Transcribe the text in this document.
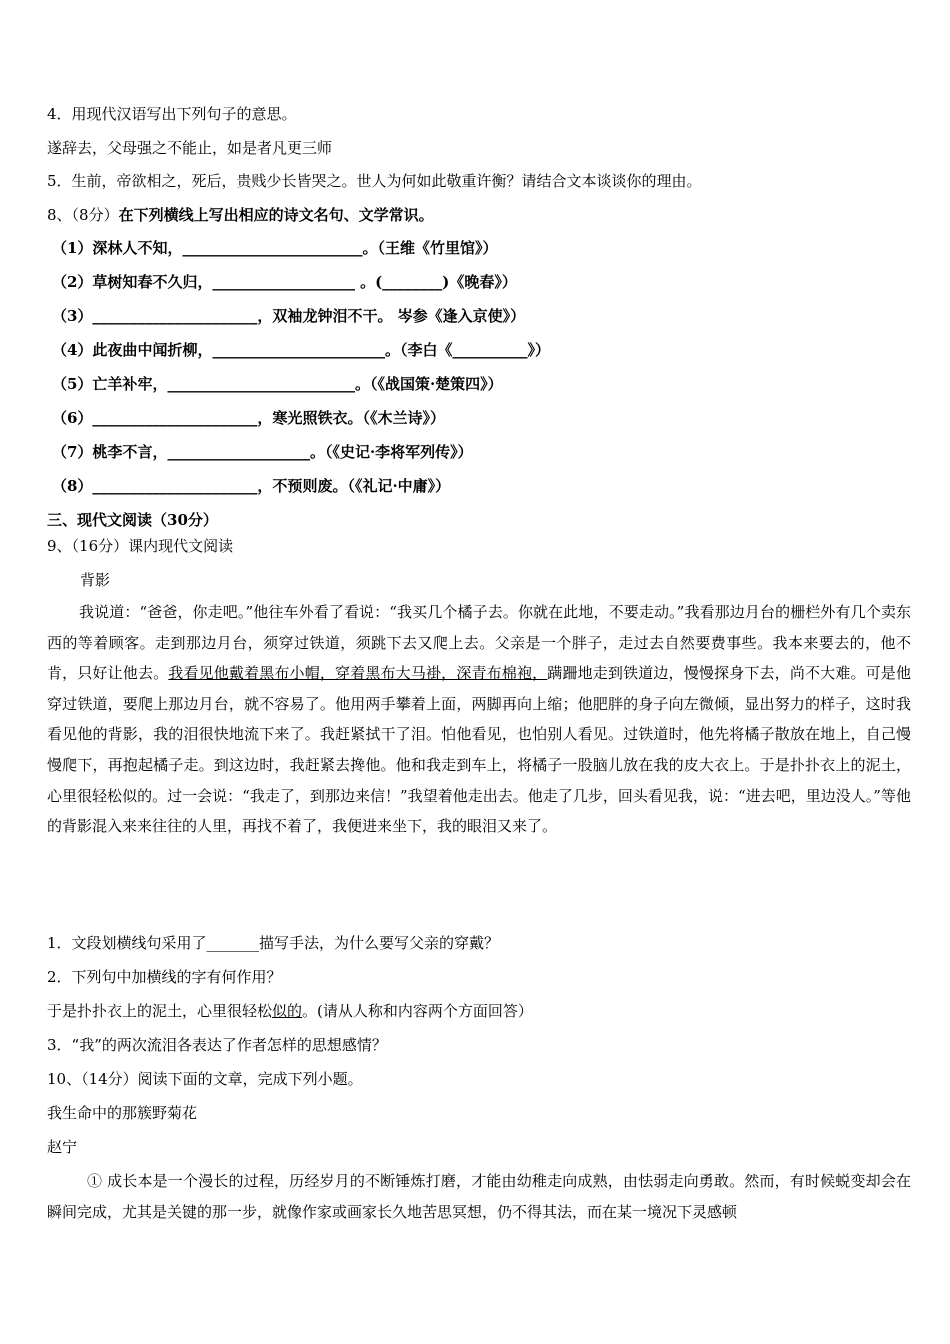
4．用现代汉语写出下列句子的意思。
遂辞去，父母强之不能止，如是者凡更三师
5．生前，帝欲相之，死后，贵贱少长皆哭之。世人为何如此敬重许衡？请结合文本谈谈你的理由。
8、（8分）在下列横线上写出相应的诗文名句、文学常识。
（1）深林人不知，________________________。（王维《竹里馆》）
（2）草树知春不久归，___________________ 。(________)《晚春》）
（3）______________________，双袖龙钟泪不干。 岑参《逢入京使》）
（4）此夜曲中闻折柳，_______________________。（李白《__________》）
（5）亡羊补牢，_________________________。（《战国策·楚策四》）
（6）______________________，寒光照铁衣。（《木兰诗》）
（7）桃李不言，___________________。（《史记·李将军列传》）
（8）______________________，不预则废。（《礼记·中庸》）
三、现代文阅读（30分）
9、（16分）课内现代文阅读
背影
我说道：“爸爸，你走吧。”他往车外看了看说：“我买几个橘子去。你就在此地，不要走动。”我看那边月台的栅栏外有几个卖东西的等着顾客。走到那边月台，须穿过铁道，须跳下去又爬上去。父亲是一个胖子，走过去自然要费事些。我本来要去的，他不肯，只好让他去。我看见他戴着黑布小帽，穿着黑布大马褂，深青布棉袍，蹒跚地走到铁道边，慢慢探身下去，尚不大难。可是他穿过铁道，要爬上那边月台，就不容易了。他用两手攀着上面，两脚再向上缩；他肥胖的身子向左微倾，显出努力的样子，这时我看见他的背影，我的泪很快地流下来了。我赶紧拭干了泪。怕他看见，也怕别人看见。过铁道时，他先将橘子散放在地上，自己慢慢爬下，再抱起橘子走。到这边时，我赶紧去搀他。他和我走到车上，将橘子一股脑儿放在我的皮大衣上。于是扑扑衣上的泥土，心里很轻松似的。过一会说：“我走了，到那边来信！”我望着他走出去。他走了几步，回头看见我，说：“进去吧，里边没人。”等他的背影混入来来往往的人里，再找不着了，我便进来坐下，我的眼泪又来了。
1．文段划横线句采用了_______描写手法，为什么要写父亲的穿戴？
2．下列句中加横线的字有何作用？
于是扑扑衣上的泥土，心里很轻松似的。(请从人称和内容两个方面回答）
3．“我”的两次流泪各表达了作者怎样的思想感情？
10、（14分）阅读下面的文章，完成下列小题。
我生命中的那簇野菊花
赵宁
① 成长本是一个漫长的过程，历经岁月的不断锤炼打磨，才能由幼稚走向成熟，由怯弱走向勇敢。然而，有时候蜕变却会在瞬间完成，尤其是关键的那一步，就像作家或画家长久地苦思冥想，仍不得其法，而在某一境况下灵感顿
